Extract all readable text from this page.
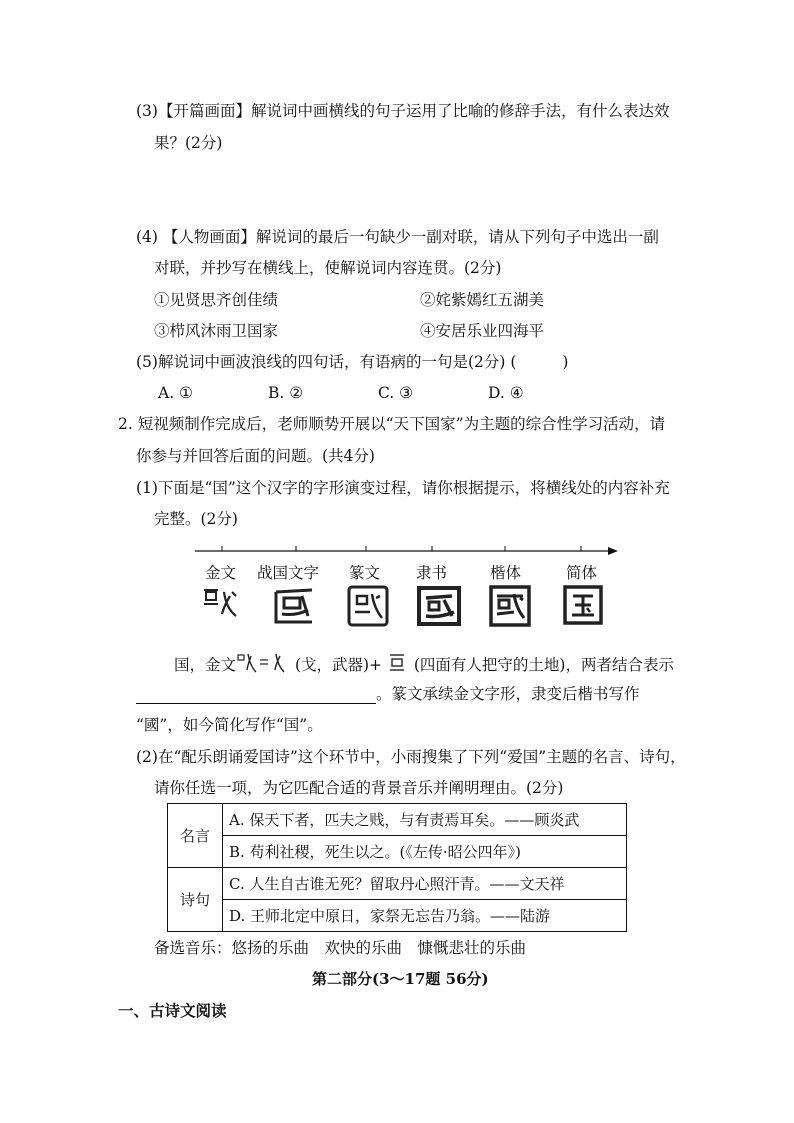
(3)【开篇画面】解说词中画横线的句子运用了比喻的修辞手法，有什么表达效
果？(2分)
(4) 【人物画面】解说词的最后一句缺少一副对联，请从下列句子中选出一副
对联，并抄写在横线上，使解说词内容连贯。(2分)
①见贤思齐创佳绩	②姹紫嫣红五湖美
③栉风沐雨卫国家	④安居乐业四海平
(5)解说词中画波浪线的四句话，有语病的一句是(2分) (	)
A. ①	B. ②	C. ③	D. ④
2. 短视频制作完成后，老师顺势开展以“天下国家”为主题的综合性学习活动，请
你参与并回答后面的问题。(共4分)
(1)下面是“国”这个汉字的字形演变过程，请你根据提示，将横线处的内容补充
完整。(2分)
金文 战国文字 篆文 隶书	楷体	简体
国，金文	(戈，武器)+  (四面有人把守的土地)，两者结合表示
。篆文承续金文字形，隶变后楷书写作
“國”，如今简化写作“国”。
(2)在“配乐朗诵爱国诗”这个环节中，小雨搜集了下列“爱国”主题的名言、诗句，
请你任选一项，为它匹配合适的背景音乐并阐明理由。(2分)
名言	A. 保天下者，匹夫之贱，与有责焉耳矣。——顾炎武
	B. 苟利社稷，死生以之。(《左传·昭公四年》)
诗句	C. 人生自古谁无死？留取丹心照汗青。——文天祥
	D. 王师北定中原日，家祭无忘告乃翁。——陆游
备选音乐：悠扬的乐曲　欢快的乐曲　慷慨悲壮的乐曲
第二部分(3～17题 56分)
一、古诗文阅读
